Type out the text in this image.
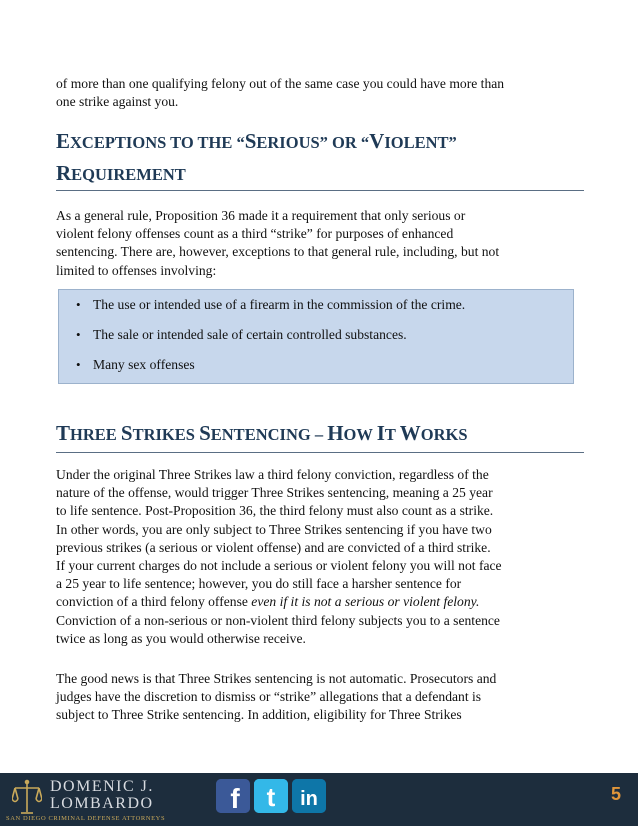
of more than one qualifying felony out of the same case you could have more than
one strike against you.

EXCEPTIONS TO THE “SERIOUS” OR “VIOLENT”
REQUIREMENT

As a general rule, Proposition 36 made it a requirement that only serious or
violent felony offenses count as a third “strike” for purposes of enhanced
sentencing. There are, however, exceptions to that general rule, including, but not
limited to offenses involving:

• The use or intended use of a firearm in the commission of the crime.
• The sale or intended sale of certain controlled substances.
• Many sex offenses
THREE STRIKES SENTENCING – HOW IT WORKS

Under the original Three Strikes law a third felony conviction, regardless of the
nature of the offense, would trigger Three Strikes sentencing, meaning a 25 year
to life sentence. Post-Proposition 36, the third felony must also count as a strike.
In other words, you are only subject to Three Strikes sentencing if you have two
previous strikes (a serious or violent offense) and are convicted of a third strike.
If your current charges do not include a serious or violent felony you will not face
a 25 year to life sentence; however, you do still face a harsher sentence for
conviction of a third felony offense even if it is not a serious or violent felony.
Conviction of a non-serious or non-violent third felony subjects you to a sentence
twice as long as you would otherwise receive.

The good news is that Three Strikes sentencing is not automatic. Prosecutors and
judges have the discretion to dismiss or “strike” allegations that a defendant is
subject to Three Strike sentencing. In addition, eligibility for Three Strikes

DOMENIC J.
LOMBARDO
SAN DIEGO CRIMINAL DEFENSE ATTORNEYS
f t in	5
